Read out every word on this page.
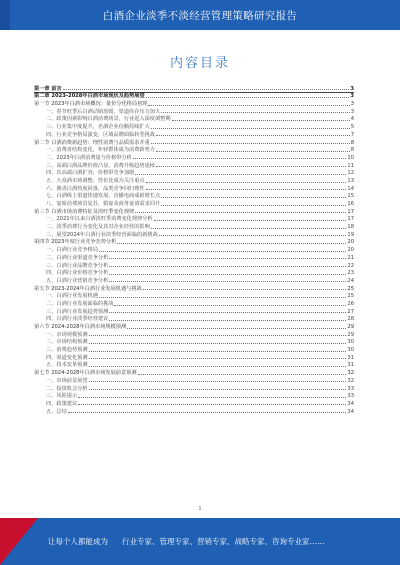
白酒企业淡季不淡经营管理策略研究报告
内容目录
第一章 前言	3
第二章 2023-2028年白酒市场现状及趋势展望	3
第一节 2023年白酒市场概况：量价分化格局初现	3
一、春节旺季后白酒动销放缓，渠道库存压力加大	3
二、政策因素影响白酒消费场景，行业进入深度调整期	4
三、行业集中度提升，名酒企业份额持续扩大	5
四、行业竞争格局演变，区域品牌面临转型挑战	7
第二节 白酒消费新趋势：理性消费与品质需求并重	8
一、消费者结构变化，年轻群体成为消费新势力	8
二、2023年白酒消费量与价格带分析	10
三、高端白酒品牌价值凸显，消费升级趋势延续	11
四、次高端白酒扩容，价格带竞争加剧	12
五、大众酒市场调整，性价比成为关注重点	13
六、酱香白酒热度回落，品类竞争回归理性	14
七、白酒线上渠道快速发展，直播电商成新增长点	15
八、宴席消费场景复苏，婚宴及商务宴请需求回升	16
第三节 白酒市场消费特征及淡旺季变化规律	17
一、2021年以来白酒淡旺季消费变化规律分析	17
二、淡季消费行为变化及其对企业经营的影响	18
三、展望2024年白酒行业淡季经营面临的新挑战	19
第四节 2023年度行业竞争态势分析	20
一、白酒行业竞争格局	20
二、白酒行业渠道竞争分析	21
三、白酒行业品牌竞争分析	22
四、白酒行业价格竞争分析	23
五、白酒行业营销竞争分析	24
第五节 2023-2024年白酒行业发展机遇与挑战	25
一、白酒行业发展机遇	25
二、白酒行业发展面临的挑战	26
三、白酒行业发展趋势预测	27
四、白酒行业淡季经营建议	28
第六节 2024-2028年白酒市场规模预测	29
一、市场规模预测	29
二、市场结构预测	30
三、消费趋势预测	30
四、渠道变化预测	31
五、技术变革预测	31
第七节 2024-2028年白酒市场发展前景预测	32
一、市场前景展望	32
二、投资机会分析	33
三、风险提示	33
四、政策建议	34
五、总结	34
1
让每个人都能成为 行业专家、管理专家、营销专家、战略专家、咨询专业家……
